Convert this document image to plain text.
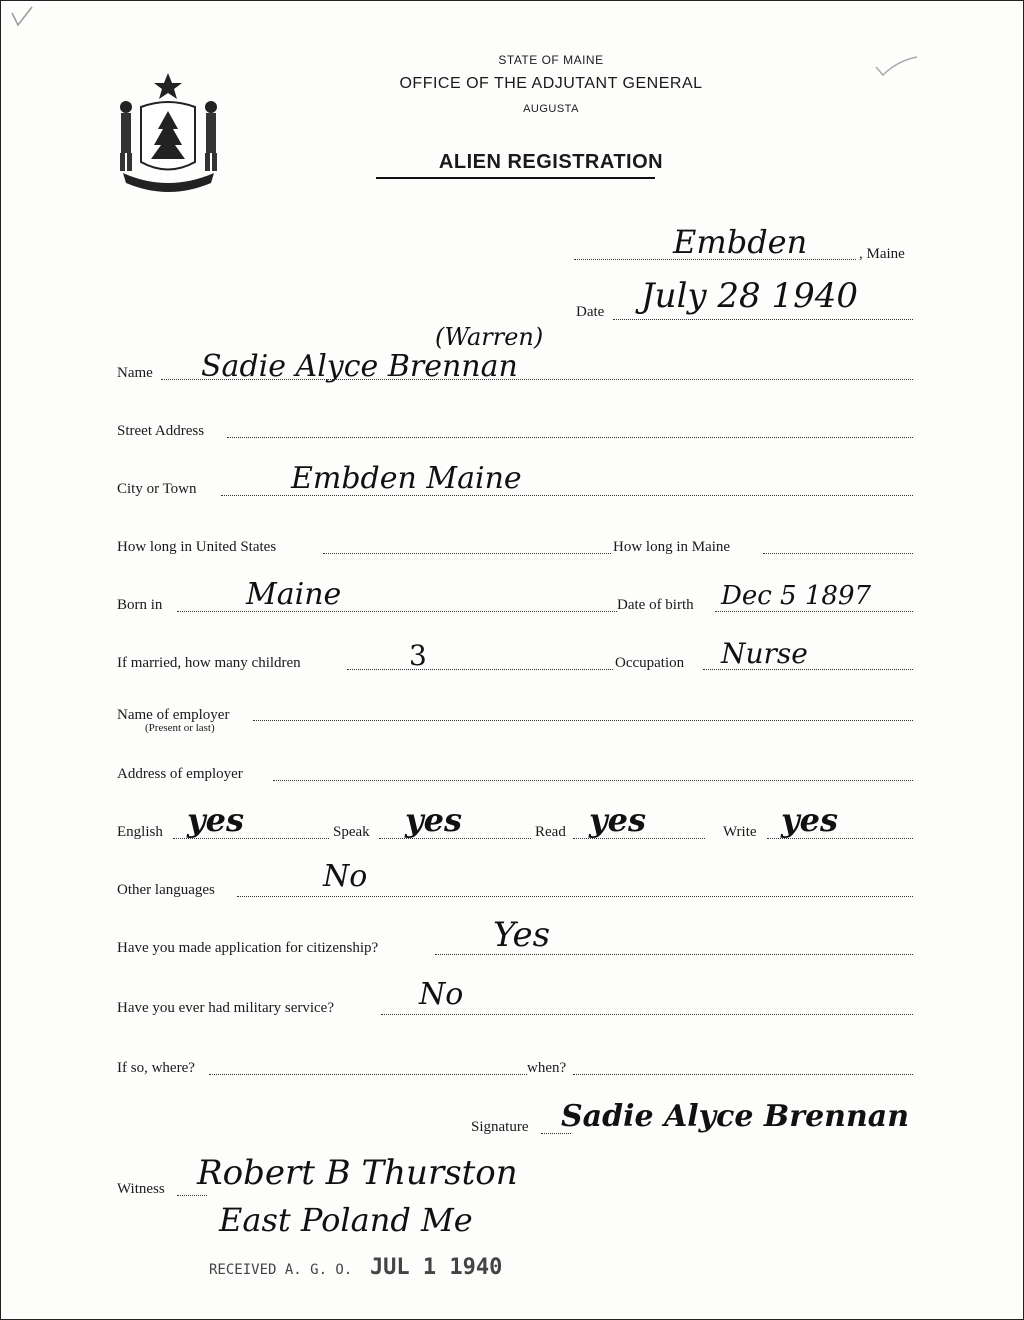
MAINE
STATE OF MAINE
OFFICE OF THE ADJUTANT GENERAL
AUGUSTA
ALIEN REGISTRATION
Embden	, Maine
Date July 28 1940
(Warren)
Name Sadie Alyce Brennan
Street Address
City or Town	Embden Maine
How long in United States	How long in Maine
Born in	Maine	Date of birth Dec 5 1897
If married, how many children	3	Occupation Nurse
Name of employer
(Present or last)
Address of employer
English yes	Speak yes	Read yes	Write yes
Other languages	No
Have you made application for citizenship?	Yes
Have you ever had military service?	No
If so, where?	when?
Signature Sadie Alyce Brennan
Witness Robert B Thurston
East Poland Me
RECEIVED A. G. O. JUL 1 1940
